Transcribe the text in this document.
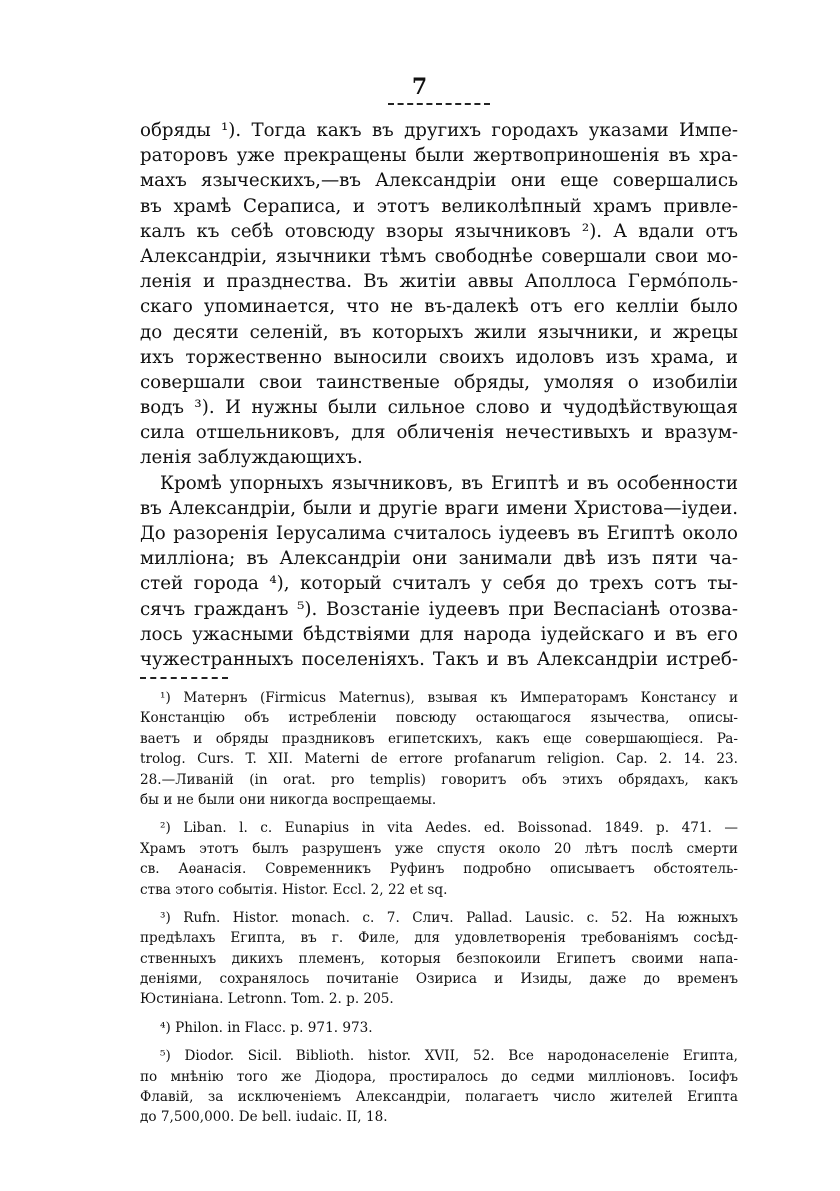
7
обряды ¹). Тогда какъ въ другихъ городахъ указами Импе-
раторовъ уже прекращены были жертвоприношенія въ хра-
махъ языческихъ,—въ Александріи они еще совершались
въ храмѣ Сераписа, и этотъ великолѣпный храмъ привле-
калъ къ себѣ отовсюду взоры язычниковъ ²). А вдали отъ
Александріи, язычники тѣмъ свободнѣе совершали свои мо-
ленія и празднества. Въ житіи аввы Аполлоса Гермόполь-
скаго упоминается, что не въ-далекѣ отъ его келліи было
до десяти селеній, въ которыхъ жили язычники, и жрецы
ихъ торжественно выносили своихъ идоловъ изъ храма, и
совершали свои таинственые обряды, умоляя о изобиліи
водъ ³). И нужны были сильное слово и чудодѣйствующая
сила отшельниковъ, для обличенія нечестивыхъ и вразум-
ленія заблуждающихъ.
Кромѣ упорныхъ язычниковъ, въ Египтѣ и въ особенности
въ Александріи, были и другіе враги имени Христова—іудеи.
До разоренія Іерусалима считалось іудеевъ въ Египтѣ около
милліона; въ Александріи они занимали двѣ изъ пяти ча-
стей города ⁴), который считалъ у себя до трехъ сотъ ты-
сячъ гражданъ ⁵). Возстаніе іудеевъ при Веспасіанѣ отозва-
лось ужасными бѣдствіями для народа іудейскаго и въ его
чужестранныхъ поселеніяхъ. Такъ и въ Александріи истреб-
¹) Матернъ (Firmicus Maternus), взывая къ Императорамъ Констансу и
Констанцію объ истребленіи повсюду остающагося язычества, описы-
ваетъ и обряды праздниковъ египетскихъ, какъ еще совершающіеся. Pa-
trolog. Curs. T. XII. Materni de errore profanarum religion. Cap. 2. 14. 23.
28.—Ливаній (in orat. pro templis) говоритъ объ этихъ обрядахъ, какъ
бы и не были они никогда воспрещаемы.
²) Liban. l. c. Eunapius in vita Aedes. ed. Boissonad. 1849. p. 471. —
Храмъ этотъ былъ разрушенъ уже спустя около 20 лѣтъ послѣ смерти
св. Аѳанасія. Современникъ Руфинъ подробно описываетъ обстоятель-
ства этого событія. Histor. Eccl. 2, 22 et sq.
³) Rufn. Histor. monach. c. 7. Слич. Pallad. Lausic. c. 52. На южныхъ
предѣлахъ Египта, въ г. Филе, для удовлетворенія требованіямъ сосѣд-
ственныхъ дикихъ племенъ, которыя безпокоили Египетъ своими напа-
деніями, сохранялось почитаніе Озириса и Изиды, даже до временъ
Юстиніана. Letronn. Tom. 2. p. 205.
⁴) Philon. in Flacc. p. 971. 973.
⁵) Diodor. Sicil. Biblioth. histor. XVII, 52. Все народонаселеніе Египта,
по мнѣнію того же Діодора, простиралось до седми милліоновъ. Іосифъ
Флавій, за исключеніемъ Александріи, полагаетъ число жителей Египта
до 7,500,000. De bell. iudaic. II, 18.
